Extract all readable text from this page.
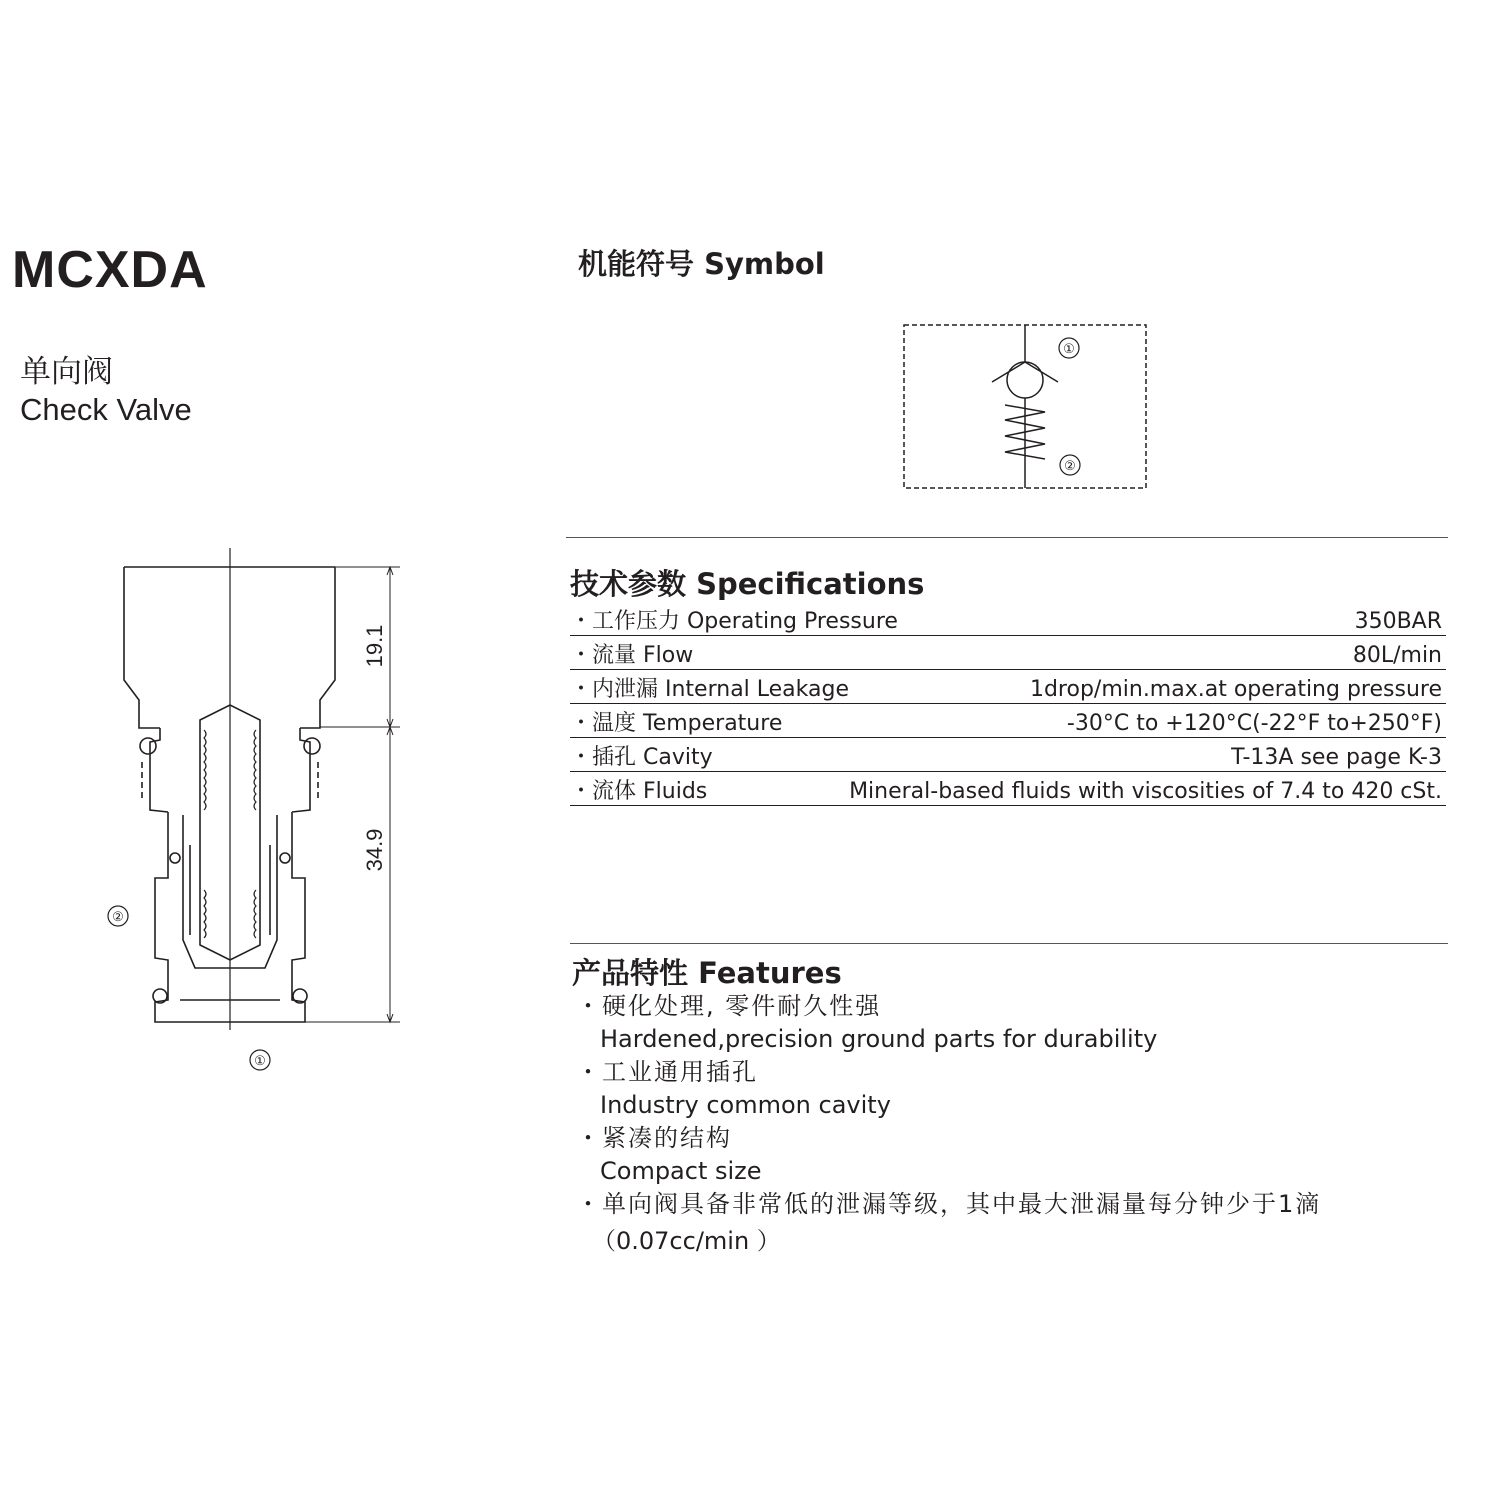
MCXDA
单向阀
Check Valve
19.1
34.9
②
①
机能符号 Symbol
①
②
技术参数 Specifications
・工作压力 Operating Pressure	350BAR
・流量 Flow	80L/min
・内泄漏 Internal Leakage	1drop/min.max.at operating pressure
・温度 Temperature	-30°C to +120°C(-22°F to+250°F)
・插孔 Cavity	T-13A see page K-3
・流体 Fluids	Mineral-based fluids with viscosities of 7.4 to 420 cSt.
产品特性 Features
・硬化处理, 零件耐久性强
Hardened,precision ground parts for durability
・工业通用插孔
Industry common cavity
・紧凑的结构
Compact size
・单向阀具备非常低的泄漏等级，其中最大泄漏量每分钟少于1滴
（0.07cc/min ）
